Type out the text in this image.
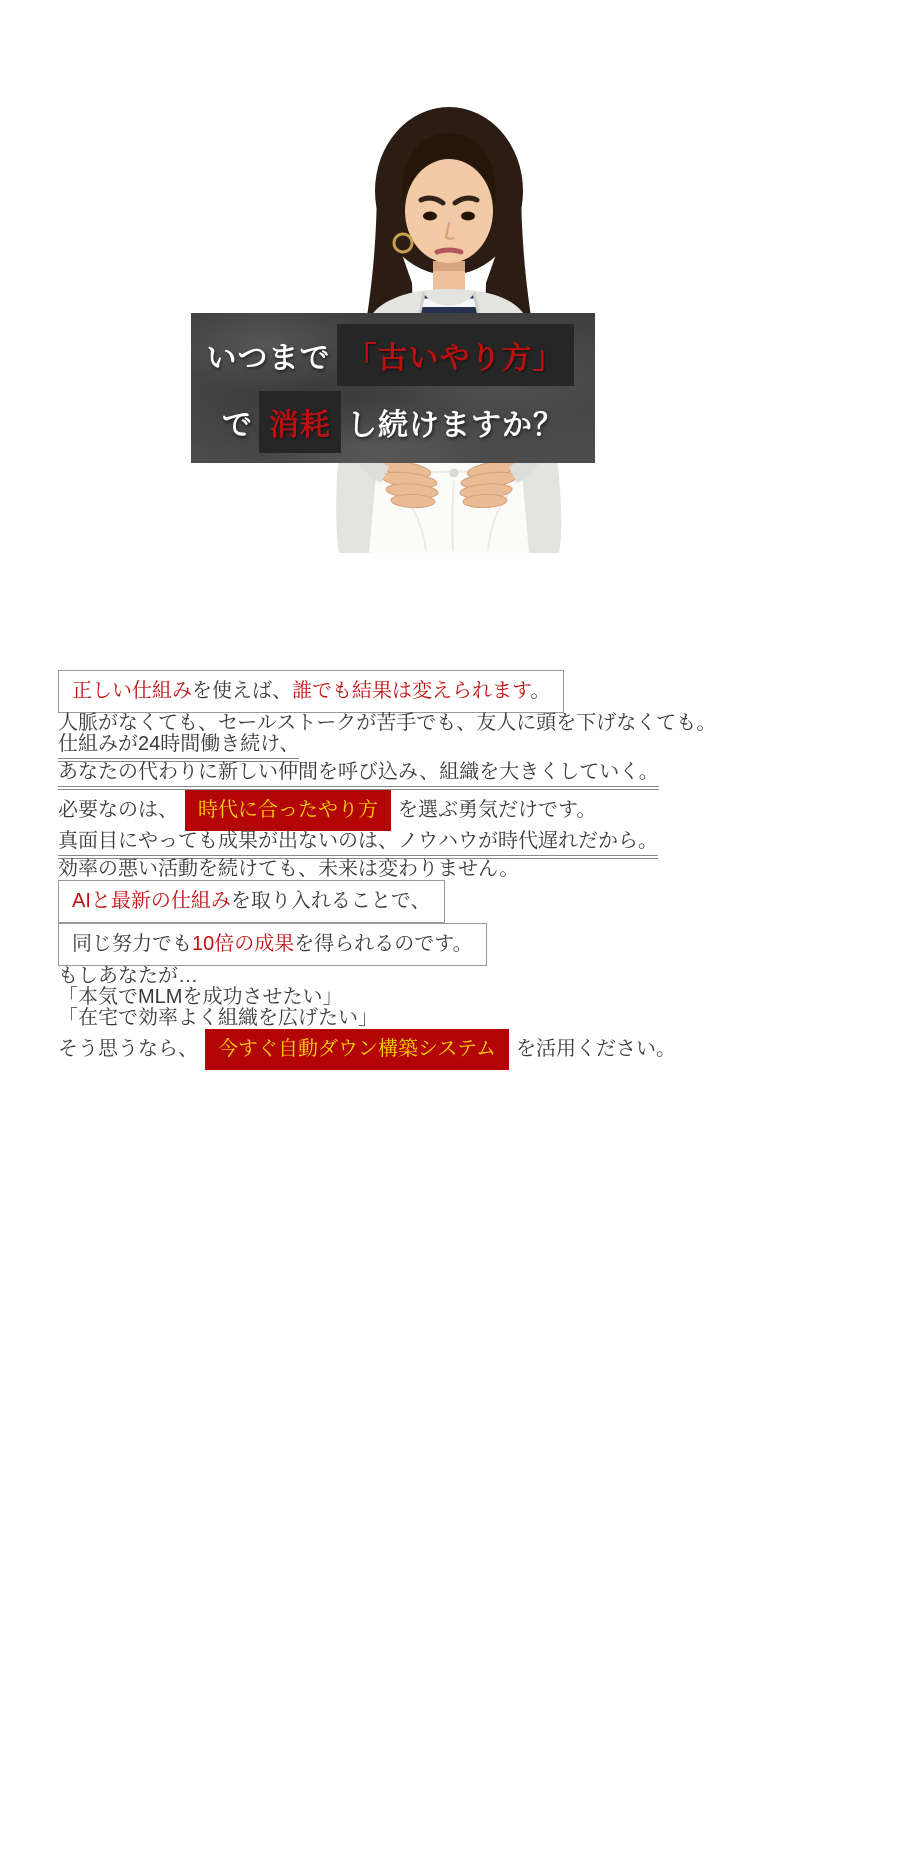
いつまで 「古いやり方」
で 消耗 し続けますか？
正しい仕組みを使えば、誰でも結果は変えられます。
人脈がなくても、セールストークが苦手でも、友人に頭を下げなくても。
仕組みが24時間働き続け、
あなたの代わりに新しい仲間を呼び込み、組織を大きくしていく。
必要なのは、 時代に合ったやり方 を選ぶ勇気だけです。
真面目にやっても成果が出ないのは、ノウハウが時代遅れだから。
効率の悪い活動を続けても、未来は変わりません。
AIと最新の仕組みを取り入れることで、
同じ努力でも10倍の成果を得られるのです。
もしあなたが…
「本気でMLMを成功させたい」
「在宅で効率よく組織を広げたい」
そう思うなら、 今すぐ自動ダウン構築システム を活用ください。
